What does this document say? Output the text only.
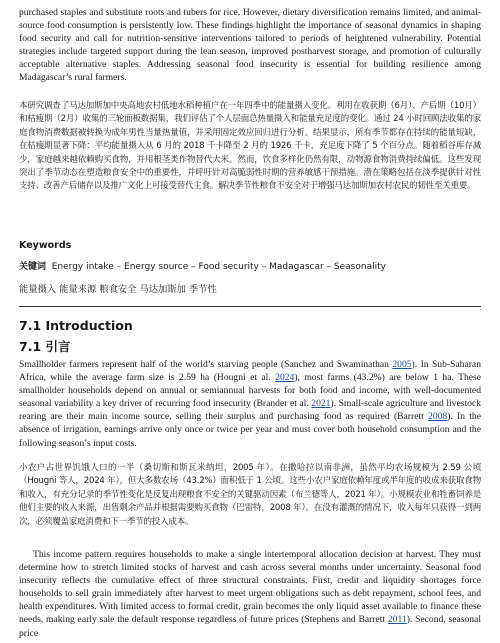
purchased staples and substitute roots and tubers for rice. However, dietary diversification remains limited, and animal-source food consumption is persistently low. These findings highlight the importance of seasonal dynamics in shaping food security and call for nutrition-sensitive interventions tailored to periods of heightened vulnerability. Potential strategies include targeted support during the lean season, improved postharvest storage, and promotion of culturally acceptable alternative staples. Addressing seasonal food insecurity is essential for building resilience among Madagascar’s rural farmers.

本研究调查了马达加斯加中央高地农村低地水稻种植户在一年四季中的能量摄入变化。利用在收获期（6月）、产后期（10月）和枯瘦期（2月）收集的三轮面板数据集，我们评估了个人层面总热量摄入和能量充足度的变化。通过 24 小时回顾法收集的家庭食物消费数据被转换为成年男性当量热量值，并采用固定效应回归进行分析。结果显示，所有季节都存在持续的能量短缺，在枯瘦期显著下降：平均能量摄入从 6 月的 2018 千卡降至 2 月的 1926 千卡，充足度下降了 5 个百分点。随着稻谷库存减少，家庭越来越依赖购买食物，并用根茎类作物替代大米。然而，饮食多样化仍然有限，动物源食物消费持续偏低。这些发现突出了季节动态在塑造粮食安全中的重要性，并呼吁针对高脆弱性时期的营养敏感干预措施。潜在策略包括在淡季提供针对性支持、改善产后储存以及推广文化上可接受替代主食。解决季节性粮食不安全对于增强马达加斯加农村农民的韧性至关重要。

Keywords
关键词 Energy intake – Energy source – Food security – Madagascar – Seasonality
能量摄入 能量来源 粮食安全 马达加斯加 季节性
7.1 Introduction
7.1 引言

Smallholder farmers represent half of the world’s starving people (Sanchez and Swaminathan 2005). In Sub-Saharan Africa, while the average farm size is 2.59 ha (Hougni et al. 2024), most farms (43.2%) are below 1 ha. These smallholder households depend on annual or semiannual harvests for both food and income, with well-documented seasonal variability a key driver of recurring food insecurity (Brander et al. 2021). Small-scale agriculture and livestock rearing are their main income source, selling their surplus and purchasing food as required (Barrett 2008). In the absence of irrigation, earnings arrive only once or twice per year and must cover both household consumption and the following season’s input costs.

小农户占世界饥饿人口的一半（桑切斯和斯瓦米纳坦，2005 年）。在撒哈拉以南非洲，虽然平均农场规模为 2.59 公顷（Hougni 等人，2024 年），但大多数农场（43.2%）面积低于 1 公顷。这些小农户家庭依赖年度或半年度的收成来获取食物和收入，有充分记录的季节性变化是反复出现粮食不安全的关键驱动因素（布兰德等人，2021 年）。小规模农业和牲畜饲养是他们主要的收入来源，出售剩余产品并根据需要购买食物（巴雷特，2008 年）。在没有灌溉的情况下，收入每年只获得一到两次，必须覆盖家庭消费和下一季节的投入成本。

This income pattern requires households to make a single intertemporal allocation decision at harvest. They must determine how to stretch limited stocks of harvest and cash across several months under uncertainty. Seasonal food insecurity reflects the cumulative effect of three structural constraints. First, credit and liquidity shortages force households to sell grain immediately after harvest to meet urgent obligations such as debt repayment, school fees, and health expenditures. With limited access to formal credit, grain becomes the only liquid asset available to finance these needs, making early sale the default response regardless of future prices (Stephens and Barrett 2011). Second, seasonal price
